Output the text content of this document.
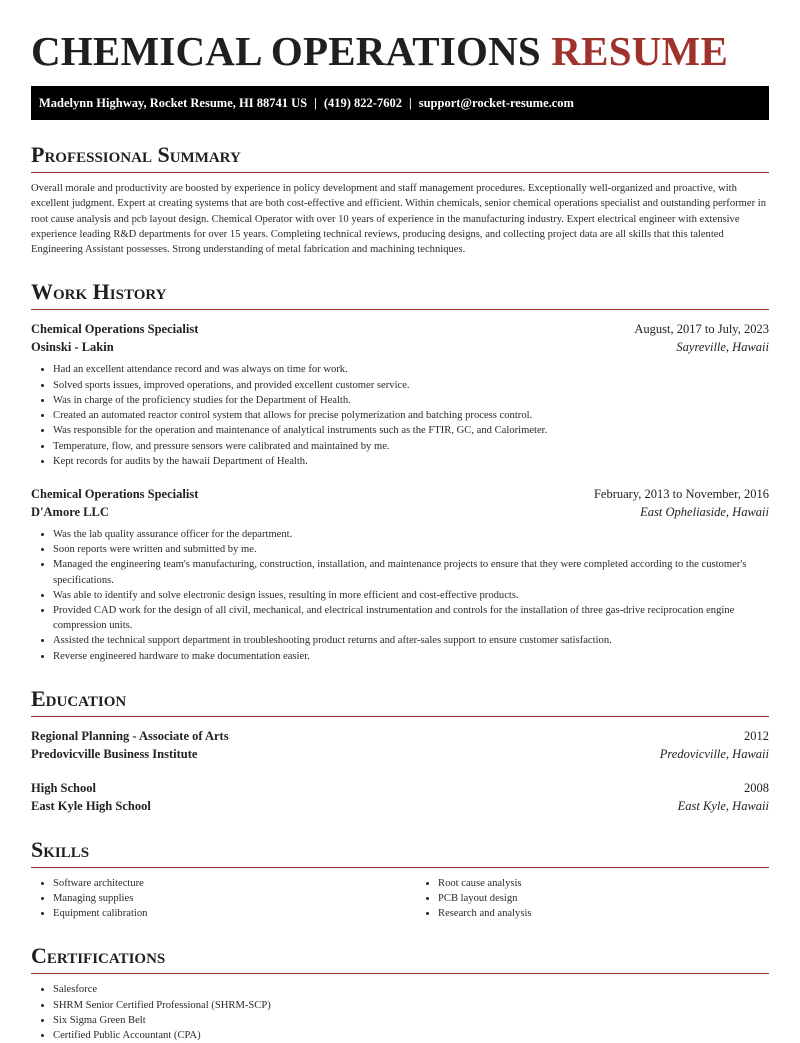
CHEMICAL OPERATIONS RESUME
Madelynn Highway, Rocket Resume, HI 88741 US | (419) 822-7602 | support@rocket-resume.com
Professional Summary
Overall morale and productivity are boosted by experience in policy development and staff management procedures. Exceptionally well-organized and proactive, with excellent judgment. Expert at creating systems that are both cost-effective and efficient. Within chemicals, senior chemical operations specialist and outstanding performer in root cause analysis and pcb layout design. Chemical Operator with over 10 years of experience in the manufacturing industry. Expert electrical engineer with extensive experience leading R&D departments for over 15 years. Completing technical reviews, producing designs, and collecting project data are all skills that this talented Engineering Assistant possesses. Strong understanding of metal fabrication and machining techniques.
Work History
Chemical Operations Specialist	August, 2017 to July, 2023
Osinski - Lakin	Sayreville, Hawaii
• Had an excellent attendance record and was always on time for work.
• Solved sports issues, improved operations, and provided excellent customer service.
• Was in charge of the proficiency studies for the Department of Health.
• Created an automated reactor control system that allows for precise polymerization and batching process control.
• Was responsible for the operation and maintenance of analytical instruments such as the FTIR, GC, and Calorimeter.
• Temperature, flow, and pressure sensors were calibrated and maintained by me.
• Kept records for audits by the hawaii Department of Health.
Chemical Operations Specialist	February, 2013 to November, 2016
D'Amore LLC	East Opheliaside, Hawaii
• Was the lab quality assurance officer for the department.
• Soon reports were written and submitted by me.
• Managed the engineering team's manufacturing, construction, installation, and maintenance projects to ensure that they were completed according to the customer's specifications.
• Was able to identify and solve electronic design issues, resulting in more efficient and cost-effective products.
• Provided CAD work for the design of all civil, mechanical, and electrical instrumentation and controls for the installation of three gas-drive reciprocation engine compression units.
• Assisted the technical support department in troubleshooting product returns and after-sales support to ensure customer satisfaction.
• Reverse engineered hardware to make documentation easier.
Education
Regional Planning - Associate of Arts	2012
Predovicville Business Institute	Predovicville, Hawaii
High School	2008
East Kyle High School	East Kyle, Hawaii
Skills
• Software architecture
• Managing supplies
• Equipment calibration
• Root cause analysis
• PCB layout design
• Research and analysis
Certifications
• Salesforce
• SHRM Senior Certified Professional (SHRM-SCP)
• Six Sigma Green Belt
• Certified Public Accountant (CPA)
